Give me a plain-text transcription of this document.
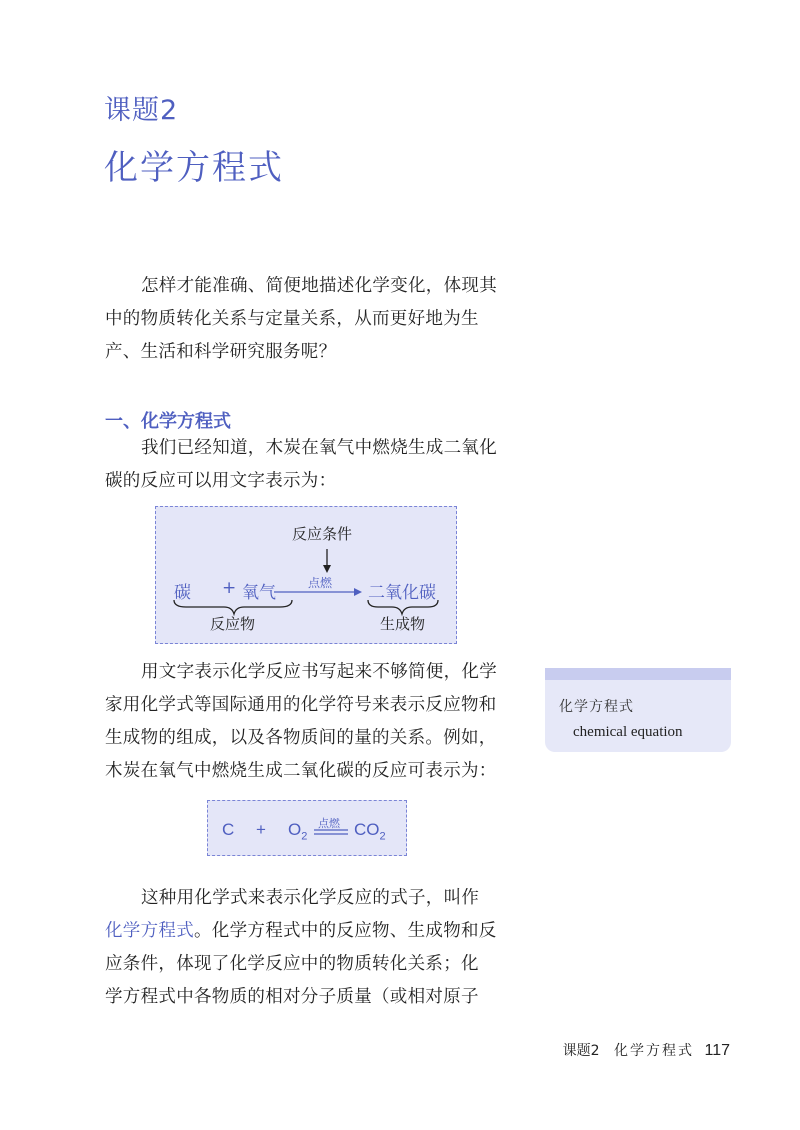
课题2
化学方程式

怎样才能准确、简便地描述化学变化，体现其
中的物质转化关系与定量关系，从而更好地为生
产、生活和科学研究服务呢？

一、化学方程式

我们已经知道，木炭在氧气中燃烧生成二氧化
碳的反应可以用文字表示为：

反应条件
碳 + 氧气	点燃 二氧化碳
反应物	生成物

用文字表示化学反应书写起来不够简便，化学
家用化学式等国际通用的化学符号来表示反应物和
生成物的组成，以及各物质间的量的关系。例如，
木炭在氧气中燃烧生成二氧化碳的反应可表示为：

化学方程式
chemical equation
$C + O_2$
点燃 $CO_2$

这种用化学式来表示化学反应的式子，叫作
化学方程式。化学方程式中的反应物、生成物和反
应条件，体现了化学反应中的物质转化关系；化
学方程式中各物质的相对分子质量（或相对原子

课题2 化学方程式 117
